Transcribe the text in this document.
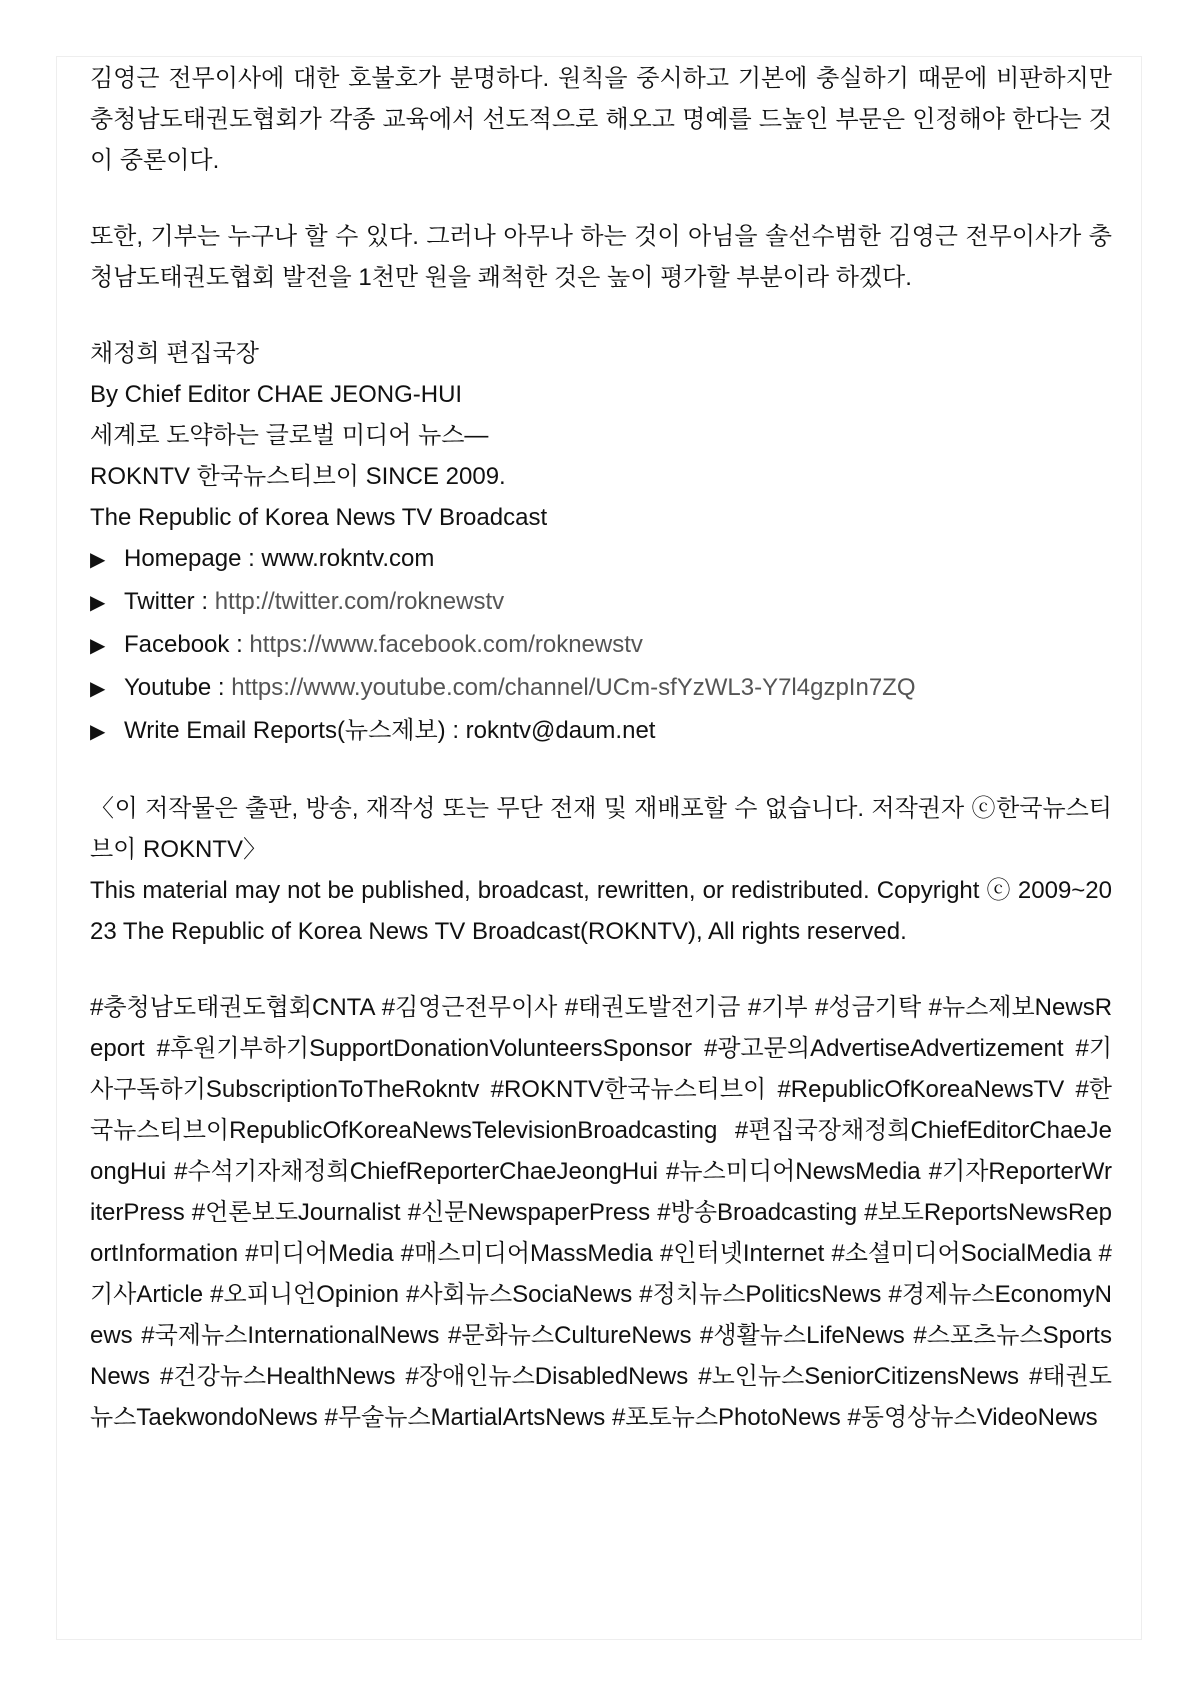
김영근 전무이사에 대한 호불호가 분명하다. 원칙을 중시하고 기본에 충실하기 때문에 비판하지만 충청남도태권도협회가 각종 교육에서 선도적으로 해오고 명예를 드높인 부문은 인정해야 한다는 것이 중론이다.

또한, 기부는 누구나 할 수 있다. 그러나 아무나 하는 것이 아님을 솔선수범한 김영근 전무이사가 충청남도태권도협회 발전을 1천만 원을 쾌척한 것은 높이 평가할 부분이라 하겠다.

채정희 편집국장

By Chief Editor CHAE JEONG-HUI

세계로 도약하는 글로벌 미디어 뉴스—

ROKNTV 한국뉴스티브이 SINCE 2009.

The Republic of Korea News TV Broadcast

▶ Homepage : www.rokntv.com

▶ Twitter : http://twitter.com/roknewstv

▶ Facebook : https://www.facebook.com/roknewstv

▶ Youtube : https://www.youtube.com/channel/UCm-sfYzWL3-Y7l4gzpIn7ZQ

▶ Write Email Reports(뉴스제보) : rokntv@daum.net

〈이 저작물은 출판, 방송, 재작성 또는 무단 전재 및 재배포할 수 없습니다. 저작권자 ⓒ한국뉴스티브이 ROKNTV〉

This material may not be published, broadcast, rewritten, or redistributed. Copyright ⓒ 2009~2023 The Republic of Korea News TV Broadcast(ROKNTV), All rights reserved.

#충청남도태권도협회CNTA #김영근전무이사 #태권도발전기금 #기부 #성금기탁 #뉴스제보NewsReport #후원기부하기SupportDonationVolunteersSponsor #광고문의AdvertiseAdvertizement #기사구독하기SubscriptionToTheRokntv #ROKNTV한국뉴스티브이 #RepublicOfKoreaNewsTV #한국뉴스티브이RepublicOfKoreaNewsTelevisionBroadcasting #편집국장채정희ChiefEditorChaeJeongHui #수석기자채정희ChiefReporterChaeJeongHui #뉴스미디어NewsMedia #기자ReporterWriterPress #언론보도Journalist #신문NewspaperPress #방송Broadcasting #보도ReportsNewsReportInformation #미디어Media #매스미디어MassMedia #인터넷Internet #소셜미디어SocialMedia #기사Article #오피니언Opinion #사회뉴스SociaNews #정치뉴스PoliticsNews #경제뉴스EconomyNews #국제뉴스InternationalNews #문화뉴스CultureNews #생활뉴스LifeNews #스포츠뉴스SportsNews #건강뉴스HealthNews #장애인뉴스DisabledNews #노인뉴스SeniorCitizensNews #태권도뉴스TaekwondoNews #무술뉴스MartialArtsNews #포토뉴스PhotoNews #동영상뉴스VideoNews
